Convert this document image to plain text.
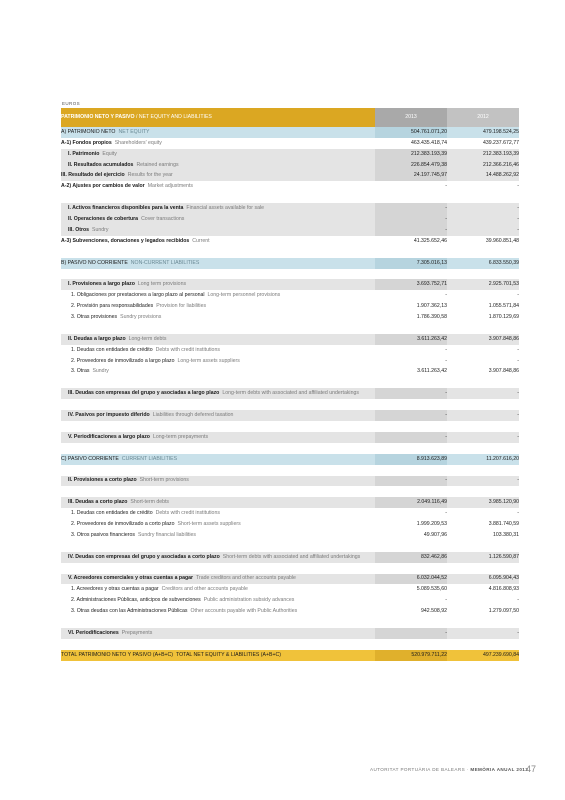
EUROS
PATRIMONIO NETO Y PASIVO / NET EQUITY AND LIABILITIES	2013	2012
A) PATRIMONIO NETO NET EQUITY	504.761.071,20	479.198.524,25
A-1) Fondos propios Shareholders' equity	463.435.418,74	439.237.672,77
I. Patrimonio Equity	212.383.193,39	212.383.193,39
II. Resultados acumulados Retained earnings	226.854.479,38	212.366.216,46
III. Resultado del ejercicio Results for the year	24.197.745,97	14.488.262,92
A-2) Ajustes por cambios de valor Market adjustments	-	-

I. Activos financieros disponibles para la venta Financial assets available for sale	-	-
II. Operaciones de cobertura Cover transactions	-	-
III. Otros Sundry	-	-
A-3) Subvenciones, donaciones y legados recibidos Current	41.325.652,46	39.960.851,48

B) PASIVO NO CORRIENTE NON-CURRENT LIABILITIES	7.305.016,13	6.833.550,39

I. Provisiones a largo plazo Long term provisions	3.693.752,71	2.925.701,53
1. Obligaciones por prestaciones a largo plazo al personal Long-term personnel provisions	-	-
2. Provisión para responsabilidades Provision for liabilities	1.907.362,13	1.055.571,84
3. Otras provisiones Sundry provisions	1.786.390,58	1.870.129,69

II. Deudas a largo plazo Long-term debts	3.611.263,42	3.907.848,86
1. Deudas con entidades de crédito Debts with credit institutions	-	-
2. Proveedores de inmovilizado a largo plazo Long-term assets suppliers	-	-
3. Otras Sundry	3.611.263,42	3.907.848,86

III. Deudas con empresas del grupo y asociadas a largo plazo Long-term debts with associated and affiliated undertakings	-	-

IV. Pasivos por impuesto diferido Liabilities through deferred taxation	-	-

V. Periodificaciones a largo plazo Long-term prepayments	-	-

C) PASIVO CORRIENTE CURRENT LIABILITIES	8.913.623,89	11.207.616,20

II. Provisiones a corto plazo Short-term provisions	-	-

III. Deudas a corto plazo Short-term debts	2.049.116,49	3.985.120,90
1. Deudas con entidades de crédito Debts with credit institutions	-	-
2. Proveedores de inmovilizado a corto plazo Short-term assets suppliers	1.999.209,53	3.881.740,59
3. Otros pasivos financieros Sundry financial liabilities	49.907,96	103.380,31

IV. Deudas con empresas del grupo y asociadas a corto plazo Short-term debts with associated and affiliated undertakings	832.462,86	1.126.590,87

V. Acreedores comerciales y otras cuentas a pagar Trade creditors and other accounts payable	6.032.044,52	6.095.904,43
1. Acreedores y otras cuentas a pagar Creditors and other accounts payable	5.089.535,60	4.816.808,93
2. Administraciones Públicas, anticipos de subvenciones Public administration subsidy advances	-	-
3. Otras deudas con las Administraciones Públicas Other accounts payable with Public Authorities	942.508,92	1.279.097,50

VI. Periodificaciones Prepayments	-	-

TOTAL PATRIMONIO NETO Y PASIVO (A+B+C) TOTAL NET EQUITY & LIABILITIES (A+B+C)	520.979.711,22	497.239.690,84
AUTORITAT PORTUÀRIA DE BALEARS · MEMÒRIA ANUAL 2013
47
